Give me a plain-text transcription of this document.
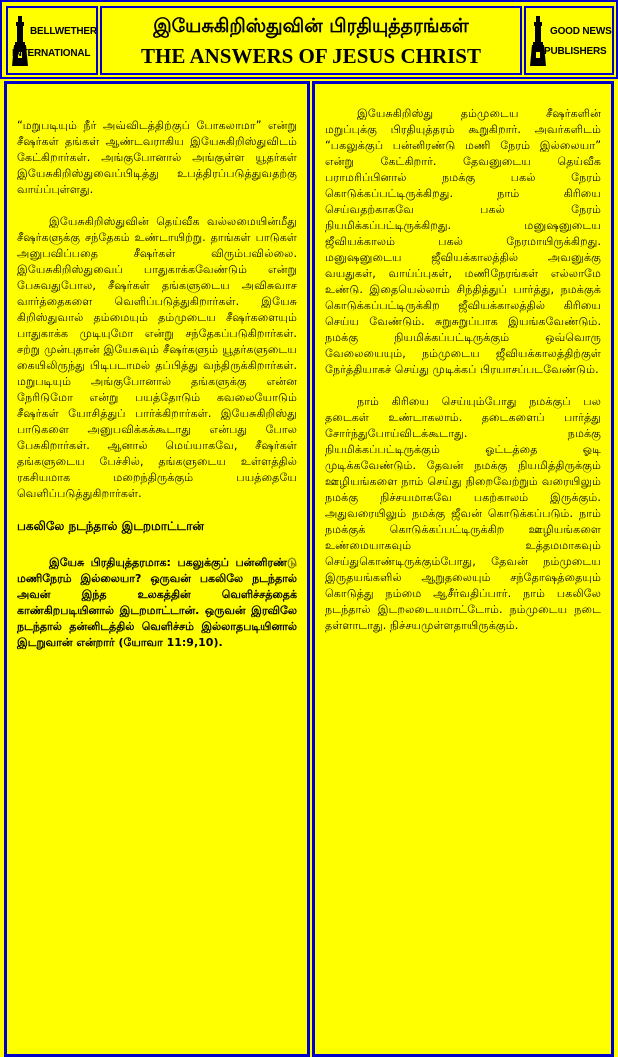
BELLWETHER
INTERNATIONAL
இயேசுகிறிஸ்துவின் பிரதியுத்தரங்கள்
THE ANSWERS OF JESUS CHRIST
GOOD NEWS
PUBLISHERS

“மறுபடியும் நீர் அவ்விடத்திற்குப் போகலாமா” என்று சீஷர்கள் தங்கள் ஆண்டவராகிய இயேசுகிறிஸ்துவிடம் கேட்கிறார்கள். அங்குபோனால் அங்குள்ள யூதர்கள் இயேசுகிறிஸ்துவைப்பிடித்து உபத்திரப்படுத்துவதற்கு வாய்ப்புள்ளது.

இயேசுகிறிஸ்துவின் தெய்வீக வல்லமையின்மீது சீஷர்களுக்கு சந்தேகம் உண்டாயிற்று. தாங்கள் பாடுகள் அனுபவிப்பதை சீஷர்கள் விரும்பவில்லை. இயேசுகிறிஸ்துவைப் பாதுகாக்கவேண்டும் என்று பேசுவதுபோல, சீஷர்கள் தங்களுடைய அவிசுவாச வார்த்தைகளை வெளிப்படுத்துகிறார்கள். இயேசு கிறிஸ்துவால் தம்மையும் தம்முடைய சீஷர்களையும் பாதுகாக்க முடியுமோ என்று சந்தேகப்படுகிறார்கள். சற்று முன்புதான் இயேசுவும் சீஷர்களும் யூதர்களுடைய கையிலிருந்து பிடிபடாமல் தப்பித்து வந்திருக்கிறார்கள். மறுபடியும் அங்குபோனால் தங்களுக்கு என்ன நேரிடுமோ என்று பயத்தோடும் கவலையோடும் சீஷர்கள் யோசித்துப் பார்க்கிறார்கள். இயேசுகிறிஸ்து பாடுகளை அனுபவிக்கக்கூடாது என்பது போல பேசுகிறார்கள். ஆனால் மெய்யாகவே, சீஷர்கள் தங்களுடைய பேச்சில், தங்களுடைய உள்ளத்தில் ரகசியமாக மறைந்திருக்கும் பயத்தையே வெளிப்படுத்துகிறார்கள்.

பகலிலே நடந்தால் இடறமாட்டான்

இயேசு பிரதியுத்தரமாக: பகலுக்குப் பன்னிரண்டு மணிநேரம் இல்லையா? ஒருவன் பகலிலே நடந்தால் அவன் இந்த உலகத்தின் வெளிச்சத்தைக் காண்கிறபடியினால் இடறமாட்டான். ஒருவன் இரவிலே நடந்தால் தன்னிடத்தில் வெளிச்சம் இல்லாதபடியினால் இடறுவான் என்றார் (யோவா 11:9,10).

இயேசுகிறிஸ்து தம்முடைய சீஷர்களின் மறுப்புக்கு பிரதியுத்தரம் கூறுகிறார். அவர்களிடம் “பகலுக்குப் பன்னிரண்டு மணி நேரம் இல்லையா” என்று கேட்கிறார். தேவனுடைய தெய்வீக பராமரிப்பினால் நமக்கு பகல் நேரம் கொடுக்கப்பட்டிருக்கிறது. நாம் கிரியை செய்வதற்காகவே பகல் நேரம் நியமிக்கப்பட்டிருக்கிறது. மனுஷனுடைய ஜீவியக்காலம் பகல் நேரமாயிருக்கிறது. மனுஷனுடைய ஜீவியக்காலத்தில் அவனுக்கு வயதுகள், வாய்ப்புகள், மணிநேரங்கள் எல்லாமே உண்டு. இதையெல்லாம் சிந்தித்துப் பார்த்து, நமக்குக் கொடுக்கப்பட்டிருக்கிற ஜீவியக்காலத்தில் கிரியை செய்ய வேண்டும். சுறுசுறுப்பாக இயங்கவேண்டும். நமக்கு நியமிக்கப்பட்டிருக்கும் ஒவ்வொரு வேலையையும், நம்முடைய ஜீவியக்காலத்திற்குள் நேர்த்தியாகச் செய்து முடிக்கப் பிரயாசப்படவேண்டும்.

நாம் கிரியை செய்யும்போது நமக்குப் பல தடைகள் உண்டாகலாம். தடைகளைப் பார்த்து சோர்ந்துபோய்விடக்கூடாது. நமக்கு நியமிக்கப்பட்டிருக்கும் ஓட்டத்தை ஓடி முடிக்கவேண்டும். தேவன் நமக்கு நியமித்திருக்கும் ஊழியங்களை நாம் செய்து நிறைவேற்றும் வரையிலும் நமக்கு நிச்சயமாகவே பகற்காலம் இருக்கும். அதுவரையிலும் நமக்கு ஜீவன் கொடுக்கப்படும். நாம் நமக்குக் கொடுக்கப்பட்டிருக்கிற ஊழியங்களை உண்மையாகவும் உத்தமமாகவும் செய்துகொண்டிருக்கும்போது, தேவன் நம்முடைய இருதயங்களில் ஆறுதலையும் சந்தோஷத்தையும் கொடுத்து நம்மை ஆசீர்வதிப்பார். நாம் பகலிலே நடந்தால் இடறலடையமாட்டோம். நம்முடைய நடை தள்ளாடாது. நிச்சயமுள்ளதாயிருக்கும்.
